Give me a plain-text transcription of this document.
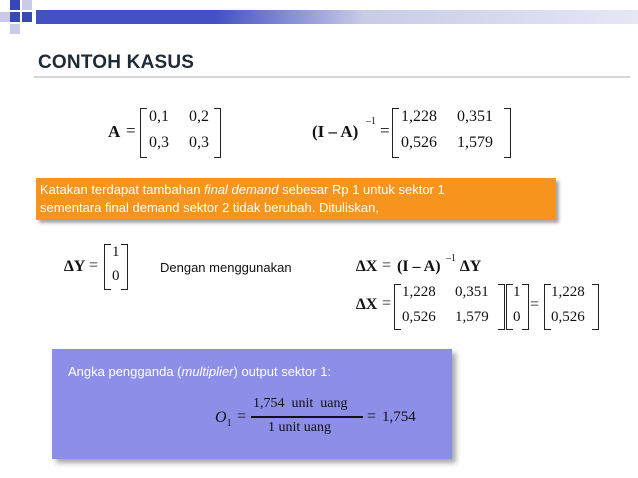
CONTOH KASUS
A =
0,1 0,2
0,3 0,3
(I – A)
–1 =
1,228 0,351
0,526 1,579
Katakan terdapat tambahan final demand sebesar Rp 1 untuk sektor 1
sementara final demand sektor 2 tidak berubah. Dituliskan,
∆Y =
1
0
Dengan menggunakan	∆X = (I – A) –1 ∆Y
∆X =
1,228 0,351
0,526 1,579
1
0
=
1,228
0,526
Angka pengganda (multiplier) output sektor 1:
$O_1$ =
1,754  unit  uang
1 unit uang
= 1,754
